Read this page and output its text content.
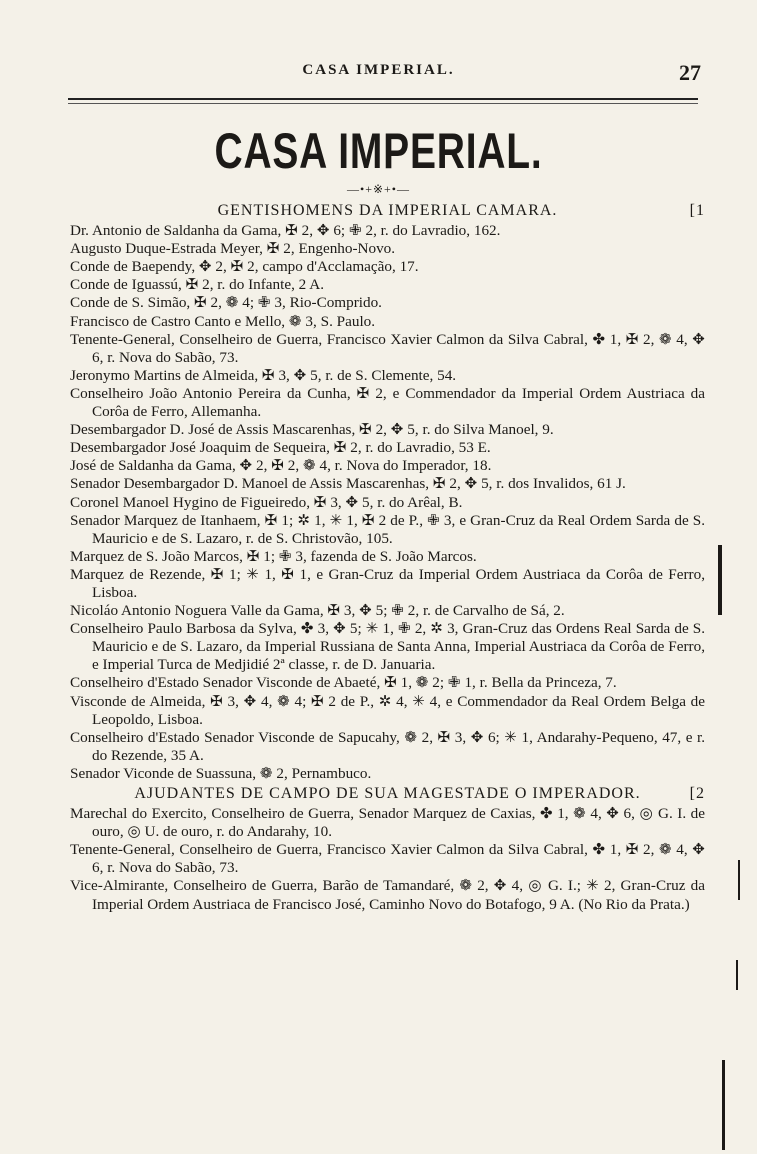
CASA IMPERIAL.	27
CASA IMPERIAL.
—•+※+•—
GENTISHOMENS DA IMPERIAL CAMARA.	[1
Dr. Antonio de Saldanha da Gama, ✠ 2, ✥ 6; ✙ 2, r. do Lavradio, 162.
Augusto Duque-Estrada Meyer, ✠ 2, Engenho-Novo.
Conde de Baependy, ✥ 2, ✠ 2, campo d'Acclamação, 17.
Conde de Iguassú, ✠ 2, r. do Infante, 2 A.
Conde de S. Simão, ✠ 2, ❁ 4; ✙ 3, Rio-Comprido.
Francisco de Castro Canto e Mello, ❁ 3, S. Paulo.
Tenente-General, Conselheiro de Guerra, Francisco Xavier Calmon da Silva Cabral, ✤ 1, ✠ 2, ❁ 4, ✥ 6, r. Nova do Sabão, 73.
Jeronymo Martins de Almeida, ✠ 3, ✥ 5, r. de S. Clemente, 54.
Conselheiro João Antonio Pereira da Cunha, ✠ 2, e Commendador da Imperial Ordem Austriaca da Corôa de Ferro, Allemanha.
Desembargador D. José de Assis Mascarenhas, ✠ 2, ✥ 5, r. do Silva Manoel, 9.
Desembargador José Joaquim de Sequeira, ✠ 2, r. do Lavradio, 53 E.
José de Saldanha da Gama, ✥ 2, ✠ 2, ❁ 4, r. Nova do Imperador, 18.
Senador Desembargador D. Manoel de Assis Mascarenhas, ✠ 2, ✥ 5, r. dos Invalidos, 61 J.
Coronel Manoel Hygino de Figueiredo, ✠ 3, ✥ 5, r. do Arêal, B.
Senador Marquez de Itanhaem, ✠ 1; ✲ 1, ✳ 1, ✠ 2 de P., ✙ 3, e Gran-Cruz da Real Ordem Sarda de S. Mauricio e de S. Lazaro, r. de S. Christovão, 105.
Marquez de S. João Marcos, ✠ 1; ✙ 3, fazenda de S. João Marcos.
Marquez de Rezende, ✠ 1; ✳ 1, ✠ 1, e Gran-Cruz da Imperial Ordem Austriaca da Corôa de Ferro, Lisboa.
Nicoláo Antonio Noguera Valle da Gama, ✠ 3, ✥ 5; ✙ 2, r. de Carvalho de Sá, 2.
Conselheiro Paulo Barbosa da Sylva, ✤ 3, ✥ 5; ✳ 1, ✙ 2, ✲ 3, Gran-Cruz das Ordens Real Sarda de S. Mauricio e de S. Lazaro, da Imperial Russiana de Santa Anna, Imperial Austriaca da Corôa de Ferro, e Imperial Turca de Medjidié 2ª classe, r. de D. Januaria.
Conselheiro d'Estado Senador Visconde de Abaeté, ✠ 1, ❁ 2; ✙ 1, r. Bella da Princeza, 7.
Visconde de Almeida, ✠ 3, ✥ 4, ❁ 4; ✠ 2 de P., ✲ 4, ✳ 4, e Commendador da Real Ordem Belga de Leopoldo, Lisboa.
Conselheiro d'Estado Senador Visconde de Sapucahy, ❁ 2, ✠ 3, ✥ 6; ✳ 1, Andarahy-Pequeno, 47, e r. do Rezende, 35 A.
Senador Viconde de Suassuna, ❁ 2, Pernambuco.
AJUDANTES DE CAMPO DE SUA MAGESTADE O IMPERADOR.	[2
Marechal do Exercito, Conselheiro de Guerra, Senador Marquez de Caxias, ✤ 1, ❁ 4, ✥ 6, ◎ G. I. de ouro, ◎ U. de ouro, r. do Andarahy, 10.
Tenente-General, Conselheiro de Guerra, Francisco Xavier Calmon da Silva Cabral, ✤ 1, ✠ 2, ❁ 4, ✥ 6, r. Nova do Sabão, 73.
Vice-Almirante, Conselheiro de Guerra, Barão de Tamandaré, ❁ 2, ✥ 4, ◎ G. I.; ✳ 2, Gran-Cruz da Imperial Ordem Austriaca de Francisco José, Caminho Novo do Botafogo, 9 A. (No Rio da Prata.)
